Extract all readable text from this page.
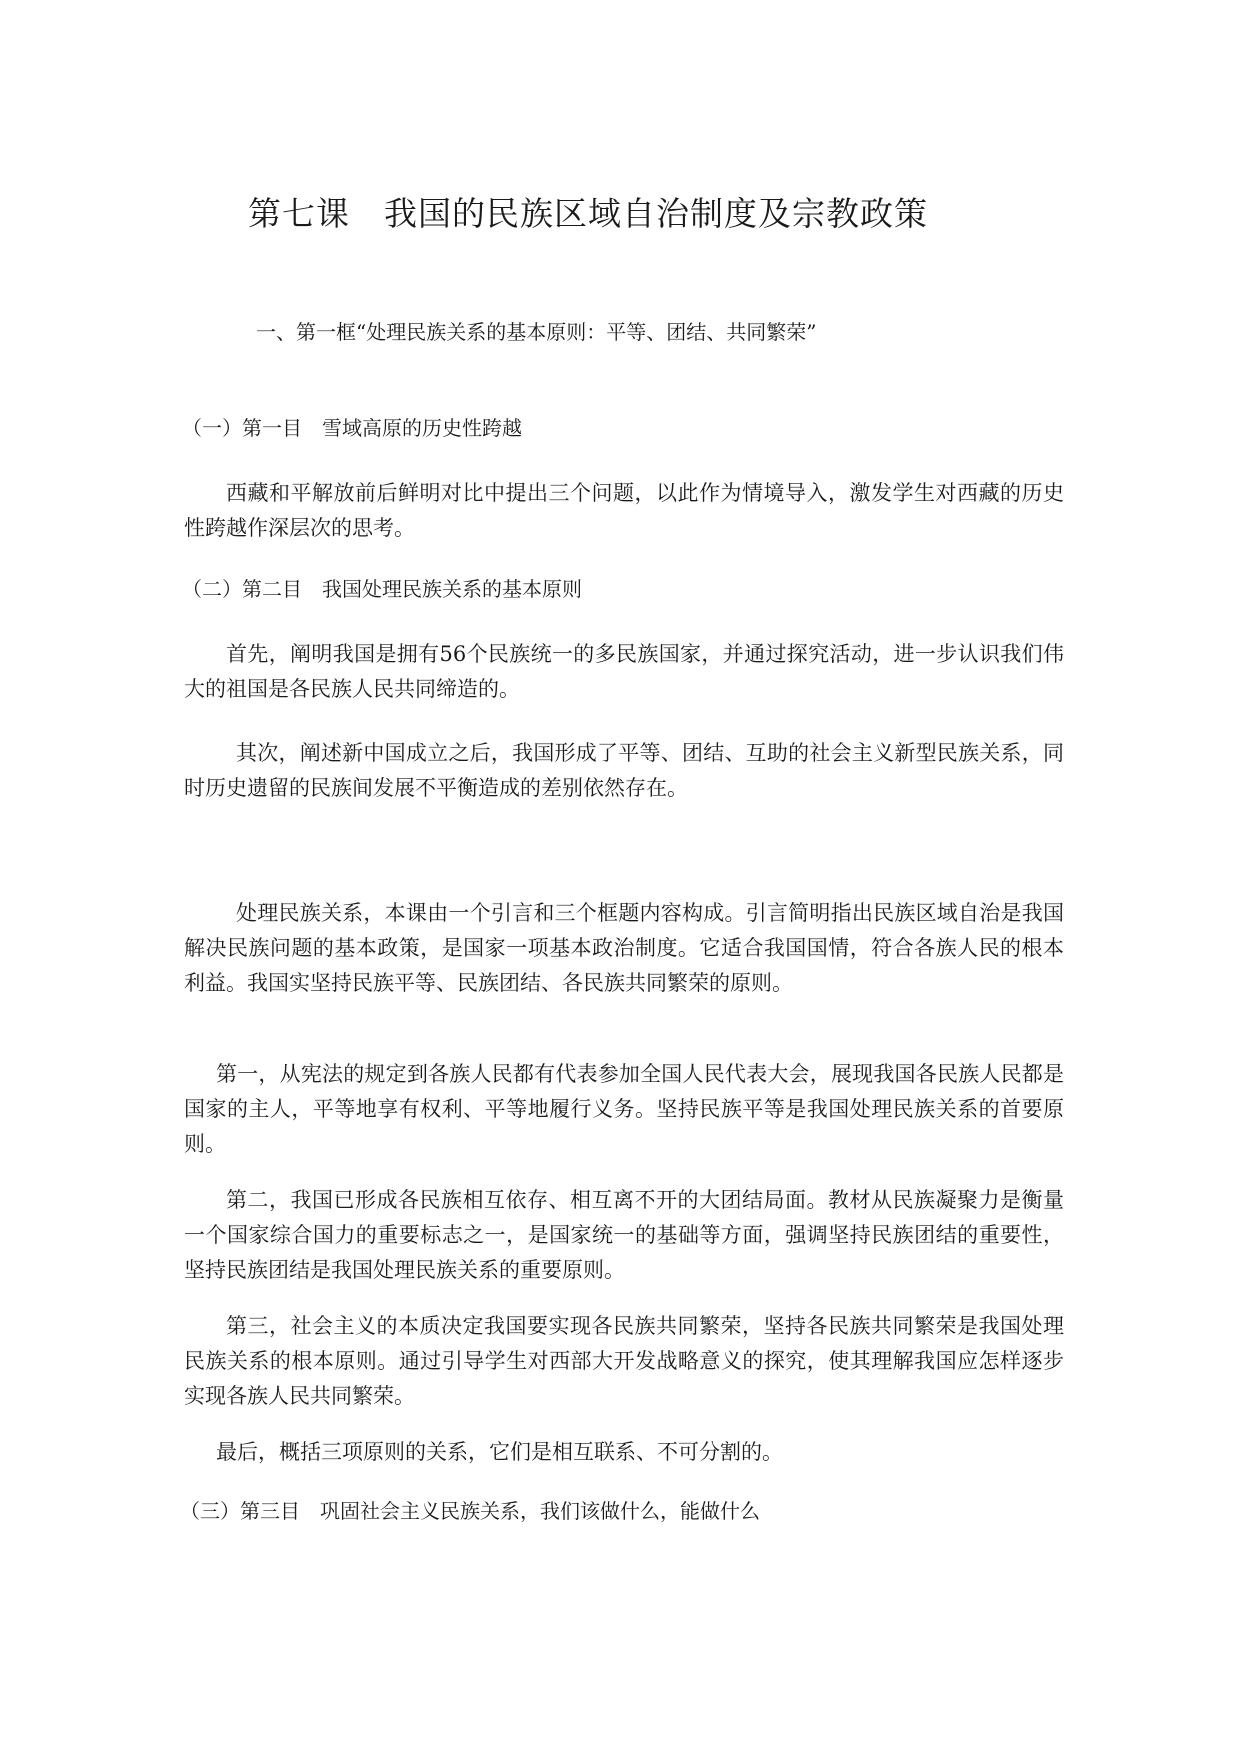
第七课　我国的民族区域自治制度及宗教政策
一、第一框“处理民族关系的基本原则：平等、团结、共同繁荣”
（一）第一目　雪域高原的历史性跨越

西藏和平解放前后鲜明对比中提出三个问题，以此作为情境导入，激发学生对西藏的历史性跨越作深层次的思考。

（二）第二目　我国处理民族关系的基本原则

首先，阐明我国是拥有56个民族统一的多民族国家，并通过探究活动，进一步认识我们伟大的祖国是各民族人民共同缔造的。

其次，阐述新中国成立之后，我国形成了平等、团结、互助的社会主义新型民族关系，同时历史遗留的民族间发展不平衡造成的差别依然存在。

处理民族关系，本课由一个引言和三个框题内容构成。引言简明指出民族区域自治是我国解决民族问题的基本政策，是国家一项基本政治制度。它适合我国国情，符合各族人民的根本利益。我国实坚持民族平等、民族团结、各民族共同繁荣的原则。

第一，从宪法的规定到各族人民都有代表参加全国人民代表大会，展现我国各民族人民都是国家的主人，平等地享有权利、平等地履行义务。坚持民族平等是我国处理民族关系的首要原则。

第二，我国已形成各民族相互依存、相互离不开的大团结局面。教材从民族凝聚力是衡量一个国家综合国力的重要标志之一，是国家统一的基础等方面，强调坚持民族团结的重要性，坚持民族团结是我国处理民族关系的重要原则。

第三，社会主义的本质决定我国要实现各民族共同繁荣，坚持各民族共同繁荣是我国处理民族关系的根本原则。通过引导学生对西部大开发战略意义的探究，使其理解我国应怎样逐步实现各族人民共同繁荣。

最后，概括三项原则的关系，它们是相互联系、不可分割的。

（三）第三目　巩固社会主义民族关系，我们该做什么，能做什么
